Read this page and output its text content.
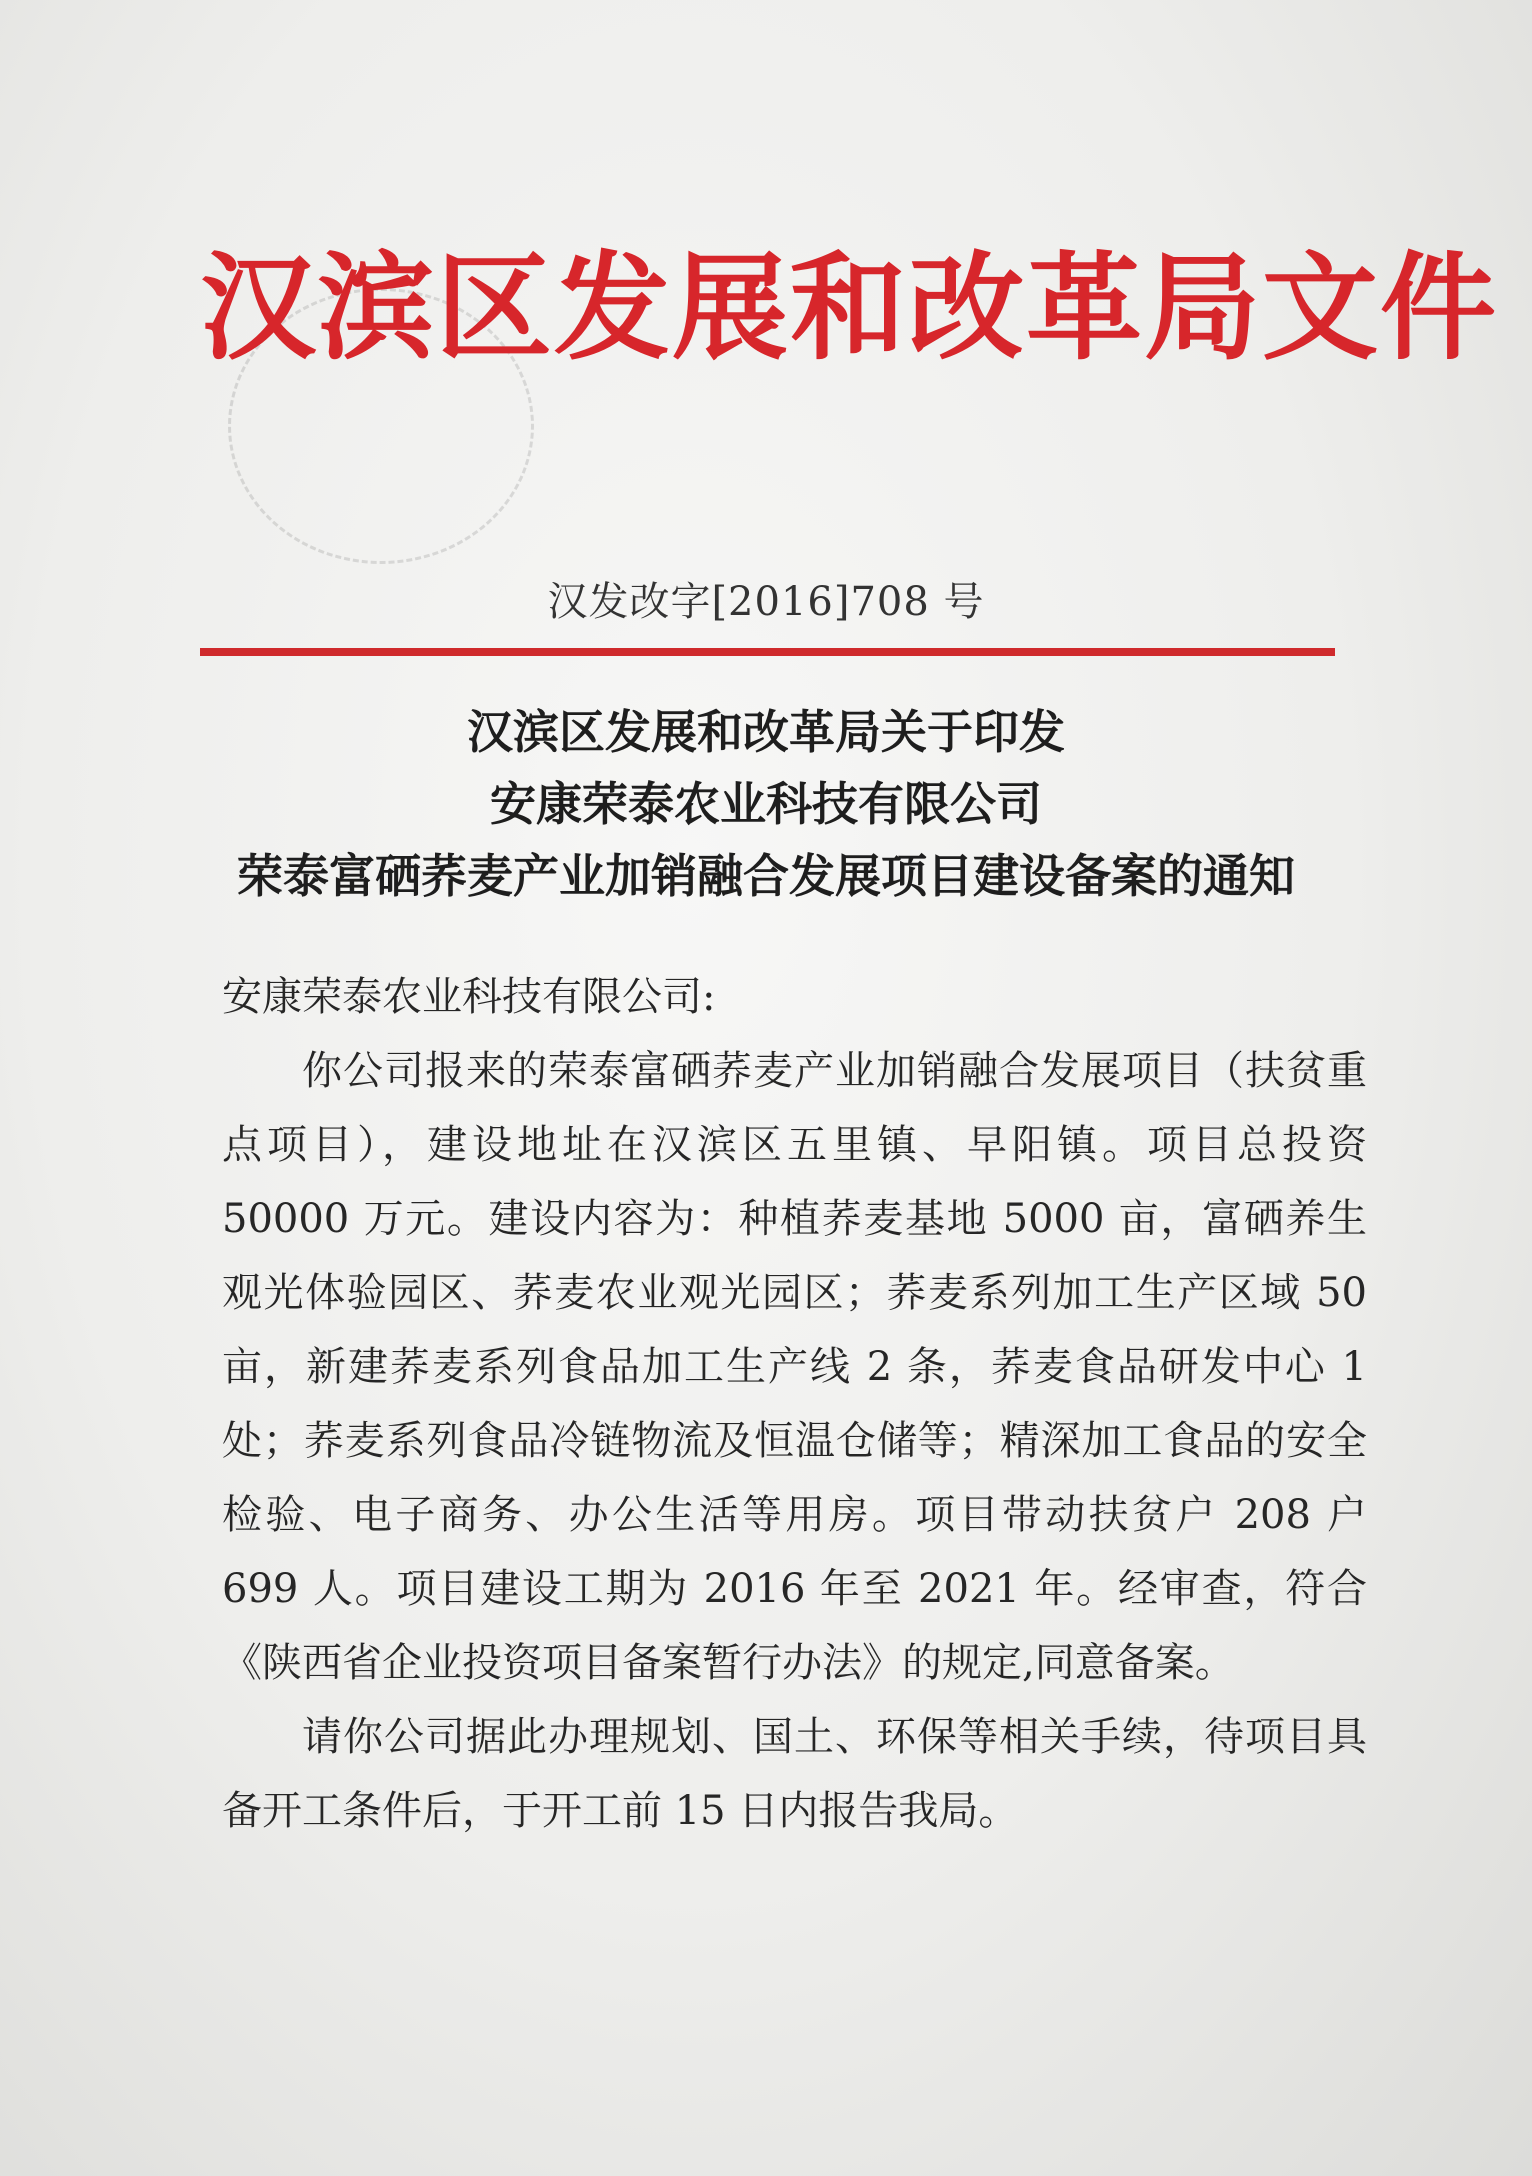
汉滨区发展和改革局文件
汉发改字[2016]708 号
汉滨区发展和改革局关于印发
安康荣泰农业科技有限公司
荣泰富硒荞麦产业加销融合发展项目建设备案的通知

安康荣泰农业科技有限公司:

你公司报来的荣泰富硒荞麦产业加销融合发展项目（扶贫重点项目），建设地址在汉滨区五里镇、早阳镇。项目总投资 50000 万元。建设内容为：种植荞麦基地 5000 亩，富硒养生观光体验园区、荞麦农业观光园区；荞麦系列加工生产区域 50 亩，新建荞麦系列食品加工生产线 2 条，荞麦食品研发中心 1 处；荞麦系列食品冷链物流及恒温仓储等；精深加工食品的安全检验、电子商务、办公生活等用房。项目带动扶贫户 208 户 699 人。项目建设工期为 2016 年至 2021 年。经审查，符合《陕西省企业投资项目备案暂行办法》的规定,同意备案。

请你公司据此办理规划、国土、环保等相关手续，待项目具备开工条件后，于开工前 15 日内报告我局。
